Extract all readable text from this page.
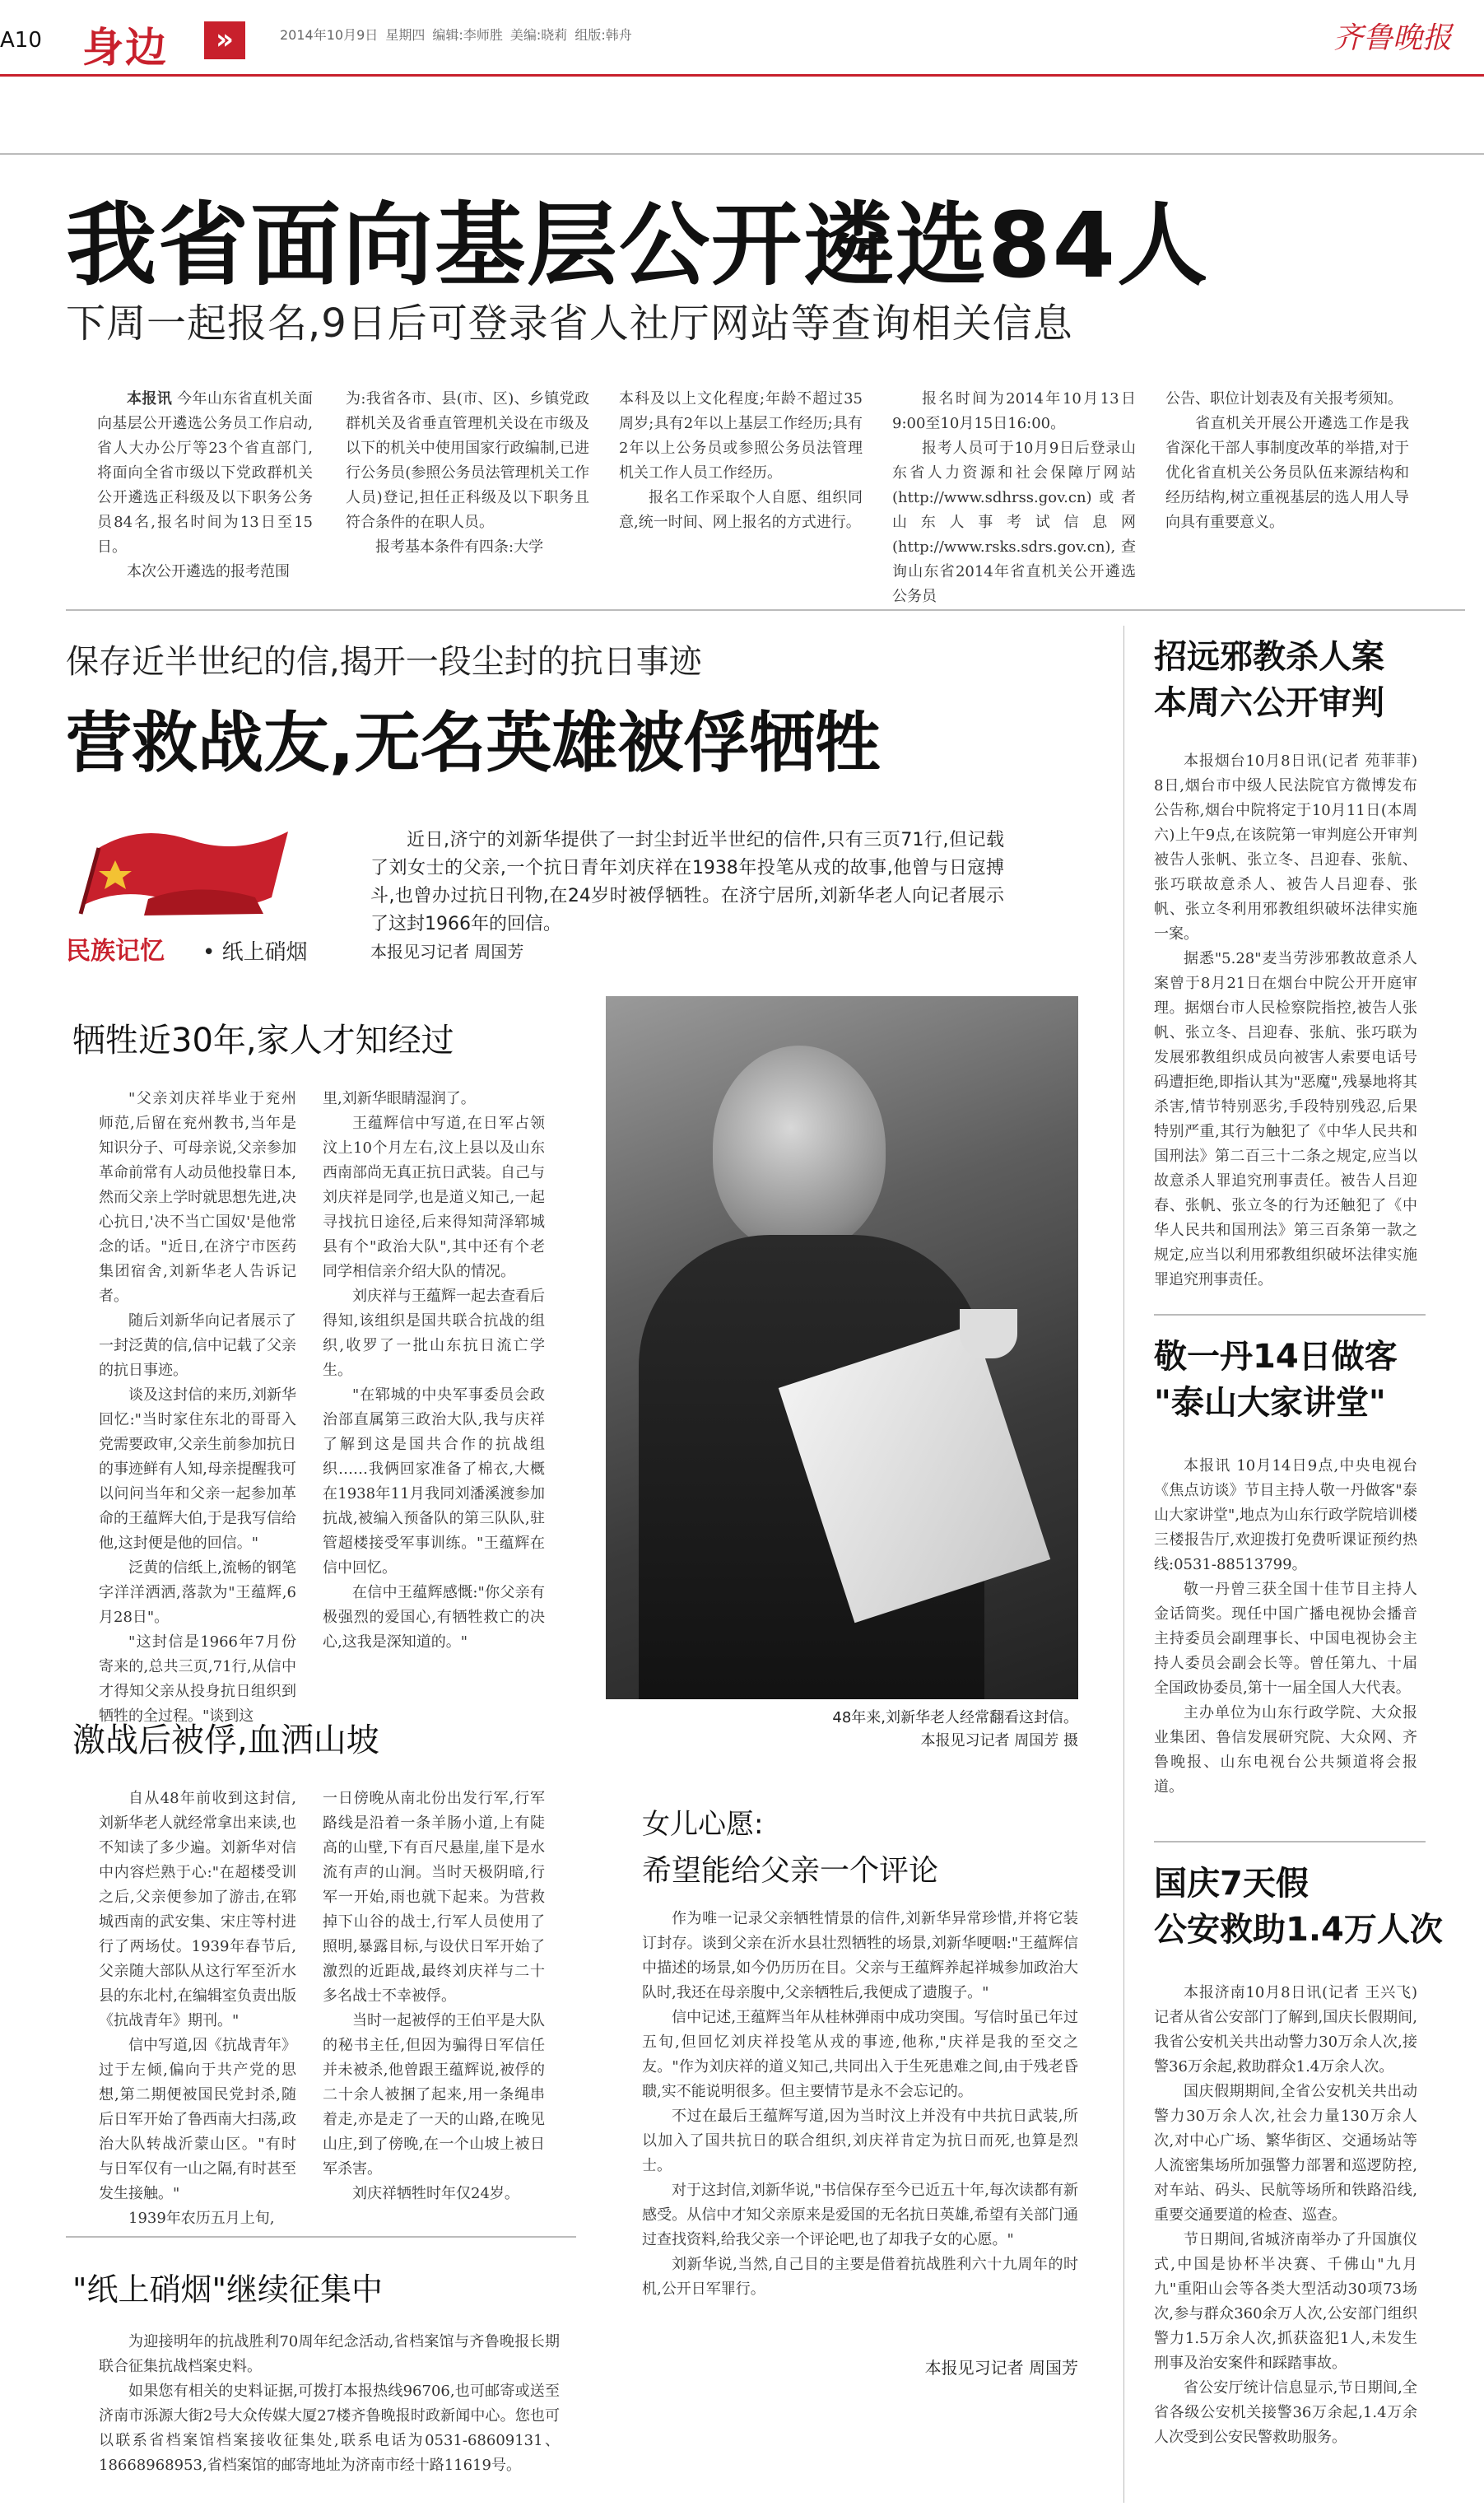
A10 身边	»	2014年10月9日 星期四 编辑:李师胜 美编:晓莉 组版:韩舟	齐鲁晚报
我省面向基层公开遴选84人
下周一起报名,9日后可登录省人社厅网站等查询相关信息

本报讯 今年山东省直机关面向基层公开遴选公务员工作启动,省人大办公厅等23个省直部门,将面向全省市级以下党政群机关公开遴选正科级及以下职务公务员84名,报名时间为13日至15日。

本次公开遴选的报考范围

为:我省各市、县(市、区)、乡镇党政群机关及省垂直管理机关设在市级及以下的机关中使用国家行政编制,已进行公务员(参照公务员法管理机关工作人员)登记,担任正科级及以下职务且符合条件的在职人员。

报考基本条件有四条:大学

本科及以上文化程度;年龄不超过35周岁;具有2年以上基层工作经历;具有2年以上公务员或参照公务员法管理机关工作人员工作经历。

报名工作采取个人自愿、组织同意,统一时间、网上报名的方式进行。

报名时间为2014年10月13日9:00至10月15日16:00。

报考人员可于10月9日后登录山东省人力资源和社会保障厅网站(http://www.sdhrss.gov.cn)或者山东人事考试信息网(http://www.rsks.sdrs.gov.cn),查询山东省2014年省直机关公开遴选公务员

公告、职位计划表及有关报考须知。

省直机关开展公开遴选工作是我省深化干部人事制度改革的举措,对于优化省直机关公务员队伍来源结构和经历结构,树立重视基层的选人用人导向具有重要意义。

保存近半世纪的信,揭开一段尘封的抗日事迹
营救战友,无名英雄被俘牺牲
民族记忆 • 纸上硝烟
近日,济宁的刘新华提供了一封尘封近半世纪的信件,只有三页71行,但记载了刘女士的父亲,一个抗日青年刘庆祥在1938年投笔从戎的故事,他曾与日寇搏斗,也曾办过抗日刊物,在24岁时被俘牺牲。在济宁居所,刘新华老人向记者展示了这封1966年的回信。
本报见习记者 周国芳
牺牲近30年,家人才知经过

"父亲刘庆祥毕业于兖州师范,后留在兖州教书,当年是知识分子、可母亲说,父亲参加革命前常有人动员他投靠日本,然而父亲上学时就思想先进,决心抗日,'决不当亡国奴'是他常念的话。"近日,在济宁市医药集团宿舍,刘新华老人告诉记者。

随后刘新华向记者展示了一封泛黄的信,信中记载了父亲的抗日事迹。

谈及这封信的来历,刘新华回忆:"当时家住东北的哥哥入党需要政审,父亲生前参加抗日的事迹鲜有人知,母亲提醒我可以问问当年和父亲一起参加革命的王蕴辉大伯,于是我写信给他,这封便是他的回信。"

泛黄的信纸上,流畅的钢笔字洋洋洒洒,落款为"王蕴辉,6月28日"。

"这封信是1966年7月份寄来的,总共三页,71行,从信中才得知父亲从投身抗日组织到牺牲的全过程。"谈到这

里,刘新华眼睛湿润了。

王蕴辉信中写道,在日军占领汶上10个月左右,汶上县以及山东西南部尚无真正抗日武装。自己与刘庆祥是同学,也是道义知己,一起寻找抗日途径,后来得知菏泽郓城县有个"政治大队",其中还有个老同学相信亲介绍大队的情况。

刘庆祥与王蕴辉一起去查看后得知,该组织是国共联合抗战的组织,收罗了一批山东抗日流亡学生。

"在郓城的中央军事委员会政治部直属第三政治大队,我与庆祥了解到这是国共合作的抗战组织……我俩回家准备了棉衣,大概在1938年11月我同刘潘溪渡参加抗战,被编入预备队的第三队队,驻管超楼接受军事训练。"王蕴辉在信中回忆。

在信中王蕴辉感慨:"你父亲有极强烈的爱国心,有牺牲救亡的决心,这我是深知道的。"

48年来,刘新华老人经常翻看这封信。
本报见习记者 周国芳 摄
激战后被俘,血洒山坡

自从48年前收到这封信,刘新华老人就经常拿出来读,也不知读了多少遍。刘新华对信中内容烂熟于心:"在超楼受训之后,父亲便参加了游击,在郓城西南的武安集、宋庄等村进行了两场仗。1939年春节后,父亲随大部队从这行军至沂水县的东北村,在编辑室负责出版《抗战青年》期刊。"

信中写道,因《抗战青年》过于左倾,偏向于共产党的思想,第二期便被国民党封杀,随后日军开始了鲁西南大扫荡,政治大队转战沂蒙山区。"有时与日军仅有一山之隔,有时甚至发生接触。"

1939年农历五月上旬,

一日傍晚从南北份出发行军,行军路线是沿着一条羊肠小道,上有陡高的山壁,下有百尺悬崖,崖下是水流有声的山涧。当时天极阴暗,行军一开始,雨也就下起来。为营救掉下山谷的战士,行军人员使用了照明,暴露目标,与设伏日军开始了激烈的近距战,最终刘庆祥与二十多名战士不幸被俘。

当时一起被俘的王伯平是大队的秘书主任,但因为骗得日军信任并未被杀,他曾跟王蕴辉说,被俘的二十余人被捆了起来,用一条绳串着走,亦是走了一天的山路,在晚见山庄,到了傍晚,在一个山坡上被日军杀害。

刘庆祥牺牲时年仅24岁。

女儿心愿:
希望能给父亲一个评论

作为唯一记录父亲牺牲情景的信件,刘新华异常珍惜,并将它装订封存。谈到父亲在沂水县壮烈牺牲的场景,刘新华哽咽:"王蕴辉信中描述的场景,如今仍历历在目。父亲与王蕴辉养起祥城参加政治大队时,我还在母亲腹中,父亲牺牲后,我便成了遗腹子。"

信中记述,王蕴辉当年从桂林弹雨中成功突围。写信时虽已年过五旬,但回忆刘庆祥投笔从戎的事迹,他称,"庆祥是我的至交之友。"作为刘庆祥的道义知己,共同出入于生死患难之间,由于残老昏聩,实不能说明很多。但主要情节是永不会忘记的。

不过在最后王蕴辉写道,因为当时汶上并没有中共抗日武装,所以加入了国共抗日的联合组织,刘庆祥肯定为抗日而死,也算是烈士。

对于这封信,刘新华说,"书信保存至今已近五十年,每次读都有新感受。从信中才知父亲原来是爱国的无名抗日英雄,希望有关部门通过查找资料,给我父亲一个评论吧,也了却我子女的心愿。"

刘新华说,当然,自己目的主要是借着抗战胜利六十九周年的时机,公开日军罪行。

本报见习记者 周国芳
"纸上硝烟"继续征集中

为迎接明年的抗战胜利70周年纪念活动,省档案馆与齐鲁晚报长期联合征集抗战档案史料。

如果您有相关的史料证据,可拨打本报热线96706,也可邮寄或送至济南市泺源大街2号大众传媒大厦27楼齐鲁晚报时政新闻中心。您也可以联系省档案馆档案接收征集处,联系电话为0531-68609131、18668968953,省档案馆的邮寄地址为济南市经十路11619号。

招远邪教杀人案
本周六公开审判

本报烟台10月8日讯(记者 苑菲菲) 8日,烟台市中级人民法院官方微博发布公告称,烟台中院将定于10月11日(本周六)上午9点,在该院第一审判庭公开审判被告人张帆、张立冬、吕迎春、张航、张巧联故意杀人、被告人吕迎春、张帆、张立冬利用邪教组织破坏法律实施一案。

据悉"5.28"麦当劳涉邪教故意杀人案曾于8月21日在烟台中院公开开庭审理。据烟台市人民检察院指控,被告人张帆、张立冬、吕迎春、张航、张巧联为发展邪教组织成员向被害人索要电话号码遭拒绝,即指认其为"恶魔",残暴地将其杀害,情节特别恶劣,手段特别残忍,后果特别严重,其行为触犯了《中华人民共和国刑法》第二百三十二条之规定,应当以故意杀人罪追究刑事责任。被告人吕迎春、张帆、张立冬的行为还触犯了《中华人民共和国刑法》第三百条第一款之规定,应当以利用邪教组织破坏法律实施罪追究刑事责任。

敬一丹14日做客
"泰山大家讲堂"

本报讯 10月14日9点,中央电视台《焦点访谈》节目主持人敬一丹做客"泰山大家讲堂",地点为山东行政学院培训楼三楼报告厅,欢迎拨打免费听课证预约热线:0531-88513799。

敬一丹曾三获全国十佳节目主持人金话筒奖。现任中国广播电视协会播音主持委员会副理事长、中国电视协会主持人委员会副会长等。曾任第九、十届全国政协委员,第十一届全国人大代表。

主办单位为山东行政学院、大众报业集团、鲁信发展研究院、大众网、齐鲁晚报、山东电视台公共频道将会报道。

国庆7天假
公安救助1.4万人次

本报济南10月8日讯(记者 王兴飞) 记者从省公安部门了解到,国庆长假期间,我省公安机关共出动警力30万余人次,接警36万余起,救助群众1.4万余人次。

国庆假期期间,全省公安机关共出动警力30万余人次,社会力量130万余人次,对中心广场、繁华街区、交通场站等人流密集场所加强警力部署和巡逻防控,对车站、码头、民航等场所和铁路沿线,重要交通要道的检查、巡查。

节日期间,省城济南举办了升国旗仪式,中国是协杯半决赛、千佛山"九月九"重阳山会等各类大型活动30项73场次,参与群众360余万人次,公安部门组织警力1.5万余人次,抓获盗犯1人,未发生刑事及治安案件和踩踏事故。

省公安厅统计信息显示,节日期间,全省各级公安机关接警36万余起,1.4万余人次受到公安民警救助服务。
